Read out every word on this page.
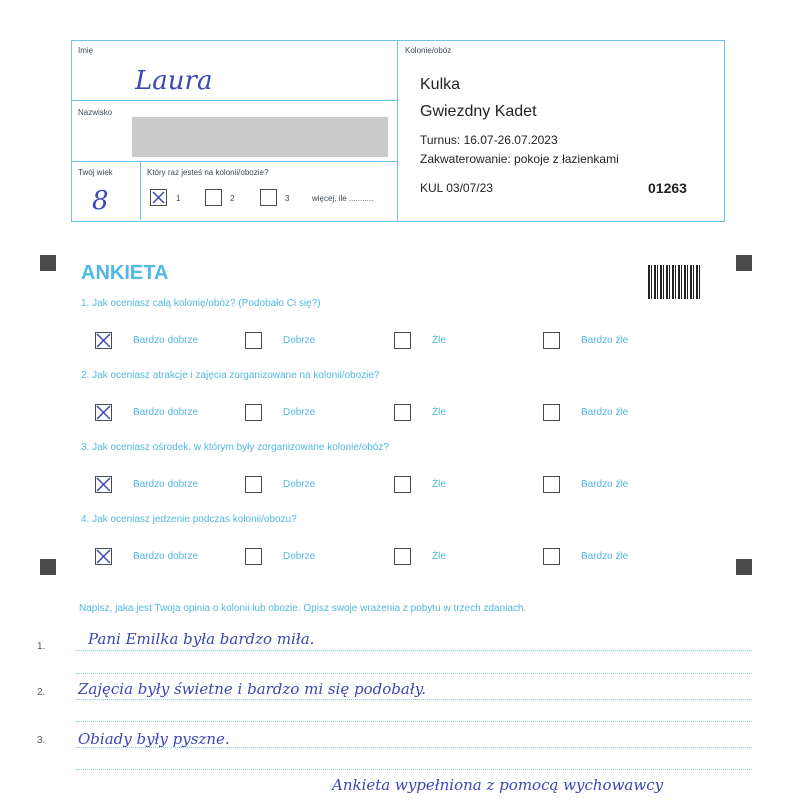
Imię
Laura
Nazwisko
Twój wiek
8
Który raz jesteś na kolonii/obozie?
1	2	3	więcej, ile ...........
Kolonie/obóz
Kulka
Gwiezdny Kadet
Turnus: 16.07-26.07.2023
Zakwaterowanie: pokoje z łazienkami
KUL 03/07/23	01263
ANKIETA
1. Jak oceniasz całą kolonię/obóz? (Podobało Ci się?)
Bardzo dobrze	Dobrze	Źle	Bardzo źle
2. Jak oceniasz atrakcje i zajęcia zorganizowane na kolonii/obozie?
Bardzo dobrze	Dobrze	Źle	Bardzo źle
3. Jak oceniasz ośrodek, w którym były zorganizowane kolonie/obóz?
Bardzo dobrze	Dobrze	Źle	Bardzo źle
4. Jak oceniasz jedzenie podczas kolonii/obozu?
Bardzo dobrze	Dobrze	Źle	Bardzo źle
Napisz, jaka jest Twoja opinia o kolonii lub obozie. Opisz swoje wrażenia z pobytu w trzech zdaniach.
1.	Pani Emilka była bardzo miła.
2. Zajęcia były świetne i bardzo mi się podobały.
3. Obiady były pyszne.
Ankieta wypełniona z pomocą wychowawcy
